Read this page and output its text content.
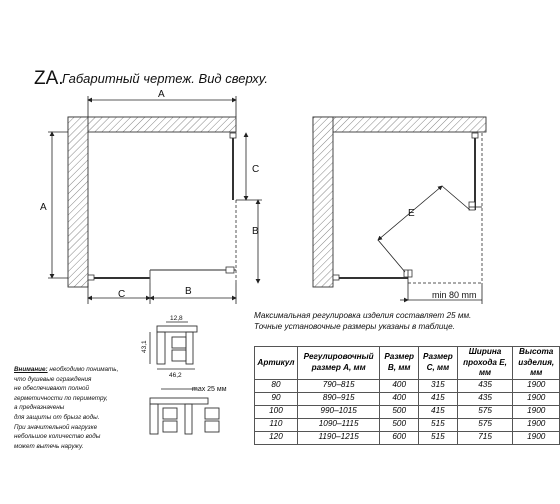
ZA.
Габаритный чертеж. Вид сверху.
A
A
C
B
C	B
E
min 80 mm
12,8
43,1
46,2
max 25 мм
Максимальная регулировка изделия составляет 25 мм.
Точные установочные размеры указаны в таблице.
Внимание: необходимо понимать,
что душевые ограждения
не обеспечивают полной
герметичности по периметру,
а предназначены
для защиты от брызг воды.
При значительной нагрузке
небольшое количество воды
может вытечь наружу.
Артикул	Регулировочный размер А, мм	Размер В, мм	Размер С, мм	Ширина прохода Е, мм	Высота изделия, мм
80	790–815	400	315	435	1900
90	890–915	400	415	435	1900
100	990–1015	500	415	575	1900
110	1090–1115	500	515	575	1900
120	1190–1215	600	515	715	1900
